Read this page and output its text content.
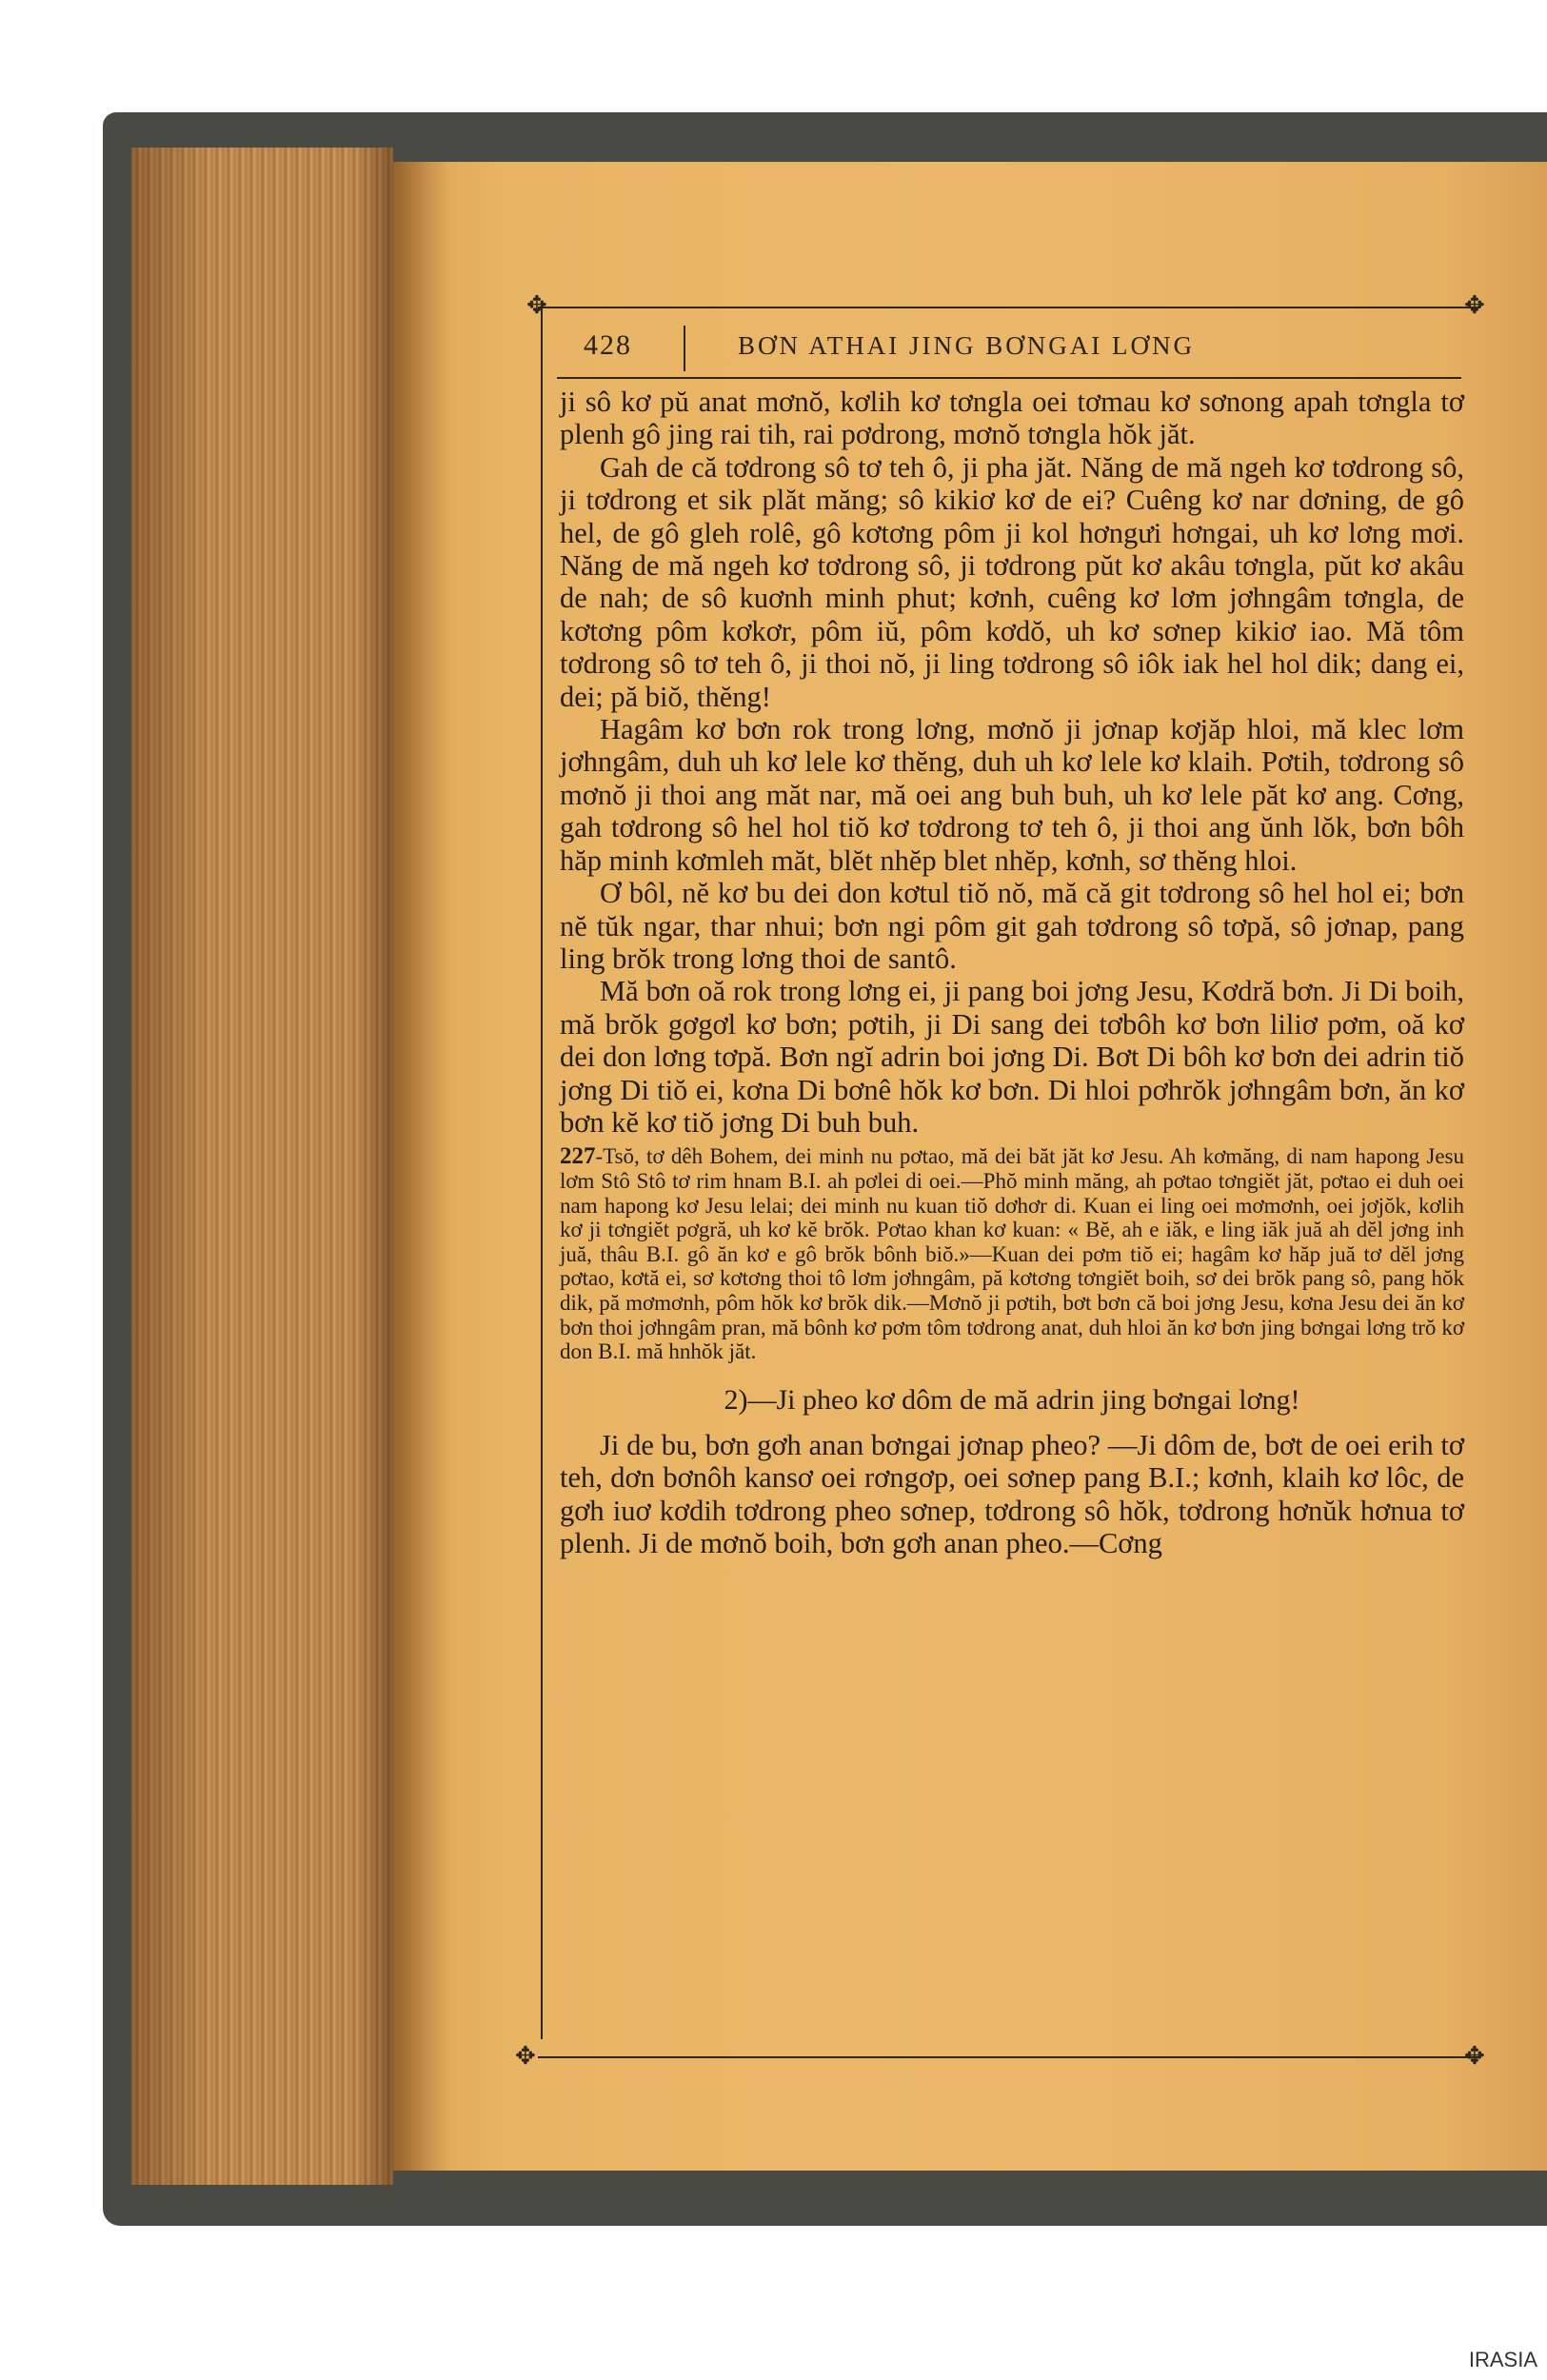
✥	✥
✥	✥
428	BƠN ATHAI JING BƠNGAI LƠNG

ji sô kơ pŭ anat mơnŏ, kơlih kơ tơngla oei tơmau kơ sơnong apah tơngla tơ plenh gô jing rai tih, rai pơdrong, mơnŏ tơngla hŏk jăt.

Gah de că tơdrong sô tơ teh ô, ji pha jăt. Năng de mă ngeh kơ tơdrong sô, ji tơdrong et sik plăt măng; sô kikiơ kơ de ei? Cuêng kơ nar dơning, de gô hel, de gô gleh rolê, gô kơtơng pôm ji kol hơngưi hơngai, uh kơ lơng mơi. Năng de mă ngeh kơ tơdrong sô, ji tơdrong pŭt kơ akâu tơngla, pŭt kơ akâu de nah; de sô kuơnh minh phut; kơnh, cuêng kơ lơm jơhngâm tơngla, de kơtơng pôm kơkơr, pôm iŭ, pôm kơdŏ, uh kơ sơnep kikiơ iao. Mă tôm tơdrong sô tơ teh ô, ji thoi nŏ, ji ling tơdrong sô iôk iak hel hol dik; dang ei, dei; pă biŏ, thĕng!

Hagâm kơ bơn rok trong lơng, mơnŏ ji jơnap kơjăp hloi, mă klec lơm jơhngâm, duh uh kơ lele kơ thĕng, duh uh kơ lele kơ klaih. Pơtih, tơdrong sô mơnŏ ji thoi ang măt nar, mă oei ang buh buh, uh kơ lele păt kơ ang. Cơng, gah tơdrong sô hel hol tiŏ kơ tơdrong tơ teh ô, ji thoi ang ŭnh lŏk, bơn bôh hăp minh kơmleh măt, blĕt nhĕp blet nhĕp, kơnh, sơ thĕng hloi.

Ơ bôl, nĕ kơ bu dei don kơtul tiŏ nŏ, mă că git tơdrong sô hel hol ei; bơn nĕ tŭk ngar, thar nhui; bơn ngi pôm git gah tơdrong sô tơpă, sô jơnap, pang ling brŏk trong lơng thoi de santô.

Mă bơn oă rok trong lơng ei, ji pang boi jơng Jesu, Kơdră bơn. Ji Di boih, mă brŏk gơgơl kơ bơn; pơtih, ji Di sang dei tơbôh kơ bơn liliơ pơm, oă kơ dei don lơng tơpă. Bơn ngĭ adrin boi jơng Di. Bơt Di bôh kơ bơn dei adrin tiŏ jơng Di tiŏ ei, kơna Di bơnê hŏk kơ bơn. Di hloi pơhrŏk jơhngâm bơn, ăn kơ bơn kĕ kơ tiŏ jơng Di buh buh.

227-Tsŏ, tơ dêh Bohem, dei minh nu pơtao, mă dei băt jăt kơ Jesu. Ah kơmăng, di nam hapong Jesu lơm Stô Stô tơ rim hnam B.I. ah pơlei di oei.—Phŏ minh măng, ah pơtao tơngiĕt jăt, pơtao ei duh oei nam hapong kơ Jesu lelai; dei minh nu kuan tiŏ dơhơr di. Kuan ei ling oei mơmơnh, oei jơjŏk, kơlih kơ ji tơngiĕt pơgră, uh kơ kĕ brŏk. Pơtao khan kơ kuan: « Bĕ, ah e iăk, e ling iăk juă ah dĕl jơng inh juă, thâu B.I. gô ăn kơ e gô brŏk bônh biŏ.»—Kuan dei pơm tiŏ ei; hagâm kơ hăp juă tơ dĕl jơng pơtao, kơtă ei, sơ kơtơng thoi tô lơm jơhngâm, pă kơtơng tơngiĕt boih, sơ dei brŏk pang sô, pang hŏk dik, pă mơmơnh, pôm hŏk kơ brŏk dik.—Mơnŏ ji pơtih, bơt bơn că boi jơng Jesu, kơna Jesu dei ăn kơ bơn thoi jơhngâm pran, mă bônh kơ pơm tôm tơdrong anat, duh hloi ăn kơ bơn jing bơngai lơng trŏ kơ don B.I. mă hnhŏk jăt.

2)—Ji pheo kơ dôm de mă adrin jing bơngai lơng!

Ji de bu, bơn gơh anan bơngai jơnap pheo? —Ji dôm de, bơt de oei erih tơ teh, dơn bơnôh kansơ oei rơngơp, oei sơnep pang B.I.; kơnh, klaih kơ lôc, de gơh iuơ kơdih tơdrong pheo sơnep, tơdrong sô hŏk, tơdrong hơnŭk hơnua tơ plenh. Ji de mơnŏ boih, bơn gơh anan pheo.—Cơng

IRASIA
